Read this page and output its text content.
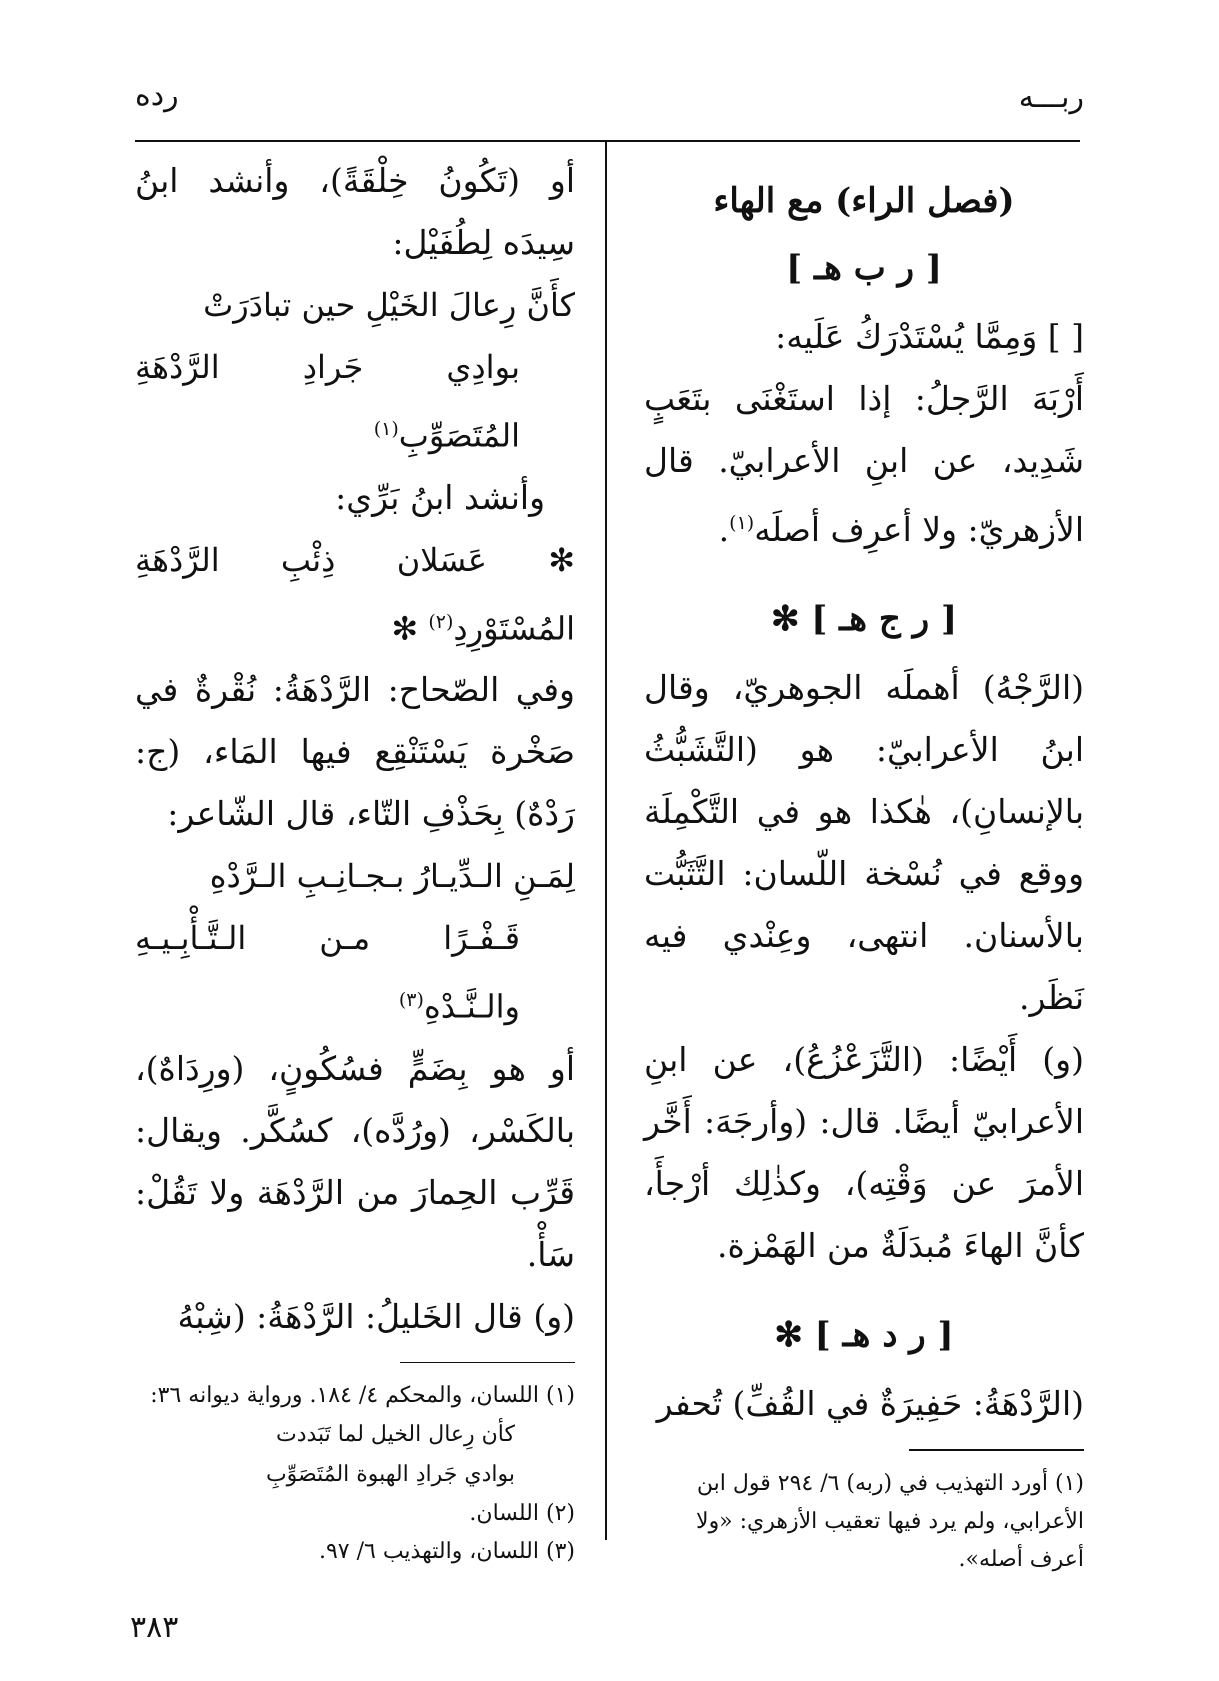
ربـــه
رده

(فصل الراء) مع الهاء

[ ر ب هـ ]

[ ] وَمِمَّا يُسْتَدْرَكُ عَلَيه:

أَرْبَهَ الرَّجلُ: إذا استَغْنَى بتَعَبٍ شَدِيد، عن ابنِ الأعرابيّ. قال الأزهريّ: ولا أعرِف أصلَه$^{(١)}$.

[ ر ج هـ ] ✻

(الرَّجْهُ) أهملَه الجوهريّ، وقال ابنُ الأعرابيّ: هو (التَّشَبُّثُ بالإنسانِ)، هٰكذا هو في التَّكْمِلَة ووقع في نُسْخة اللّسان: التَّثَبُّت بالأسنان. انتهى، وعِنْدي فيه نَظَر.

(و) أَيْضًا: (التَّزَعْزُعُ)، عن ابنِ الأعرابيّ أيضًا. قال: (وأرجَهَ: أَخَّر الأمرَ عن وَقْتِه)، وكذٰلِك أرْجأَ، كأنَّ الهاءَ مُبدَلَةٌ من الهَمْزة.

[ ر د هـ ] ✻

(الرَّدْهَةُ: حَفِيرَةٌ في القُفِّ) تُحفر

(١) أورد التهذيب في (ربه) ٦/ ٢٩٤ قول ابن الأعرابي، ولم يرد فيها تعقيب الأزهري: «ولا أعرف أصله».

أو (تَكُونُ خِلْقَةً)، وأنشد ابنُ سِيدَه لِطُفَيْل:

كأَنَّ رِعالَ الخَيْلِ حين تبادَرَتْ

بوادِي جَرادِ الرَّدْهَةِ المُتَصَوِّبِ$^{(١)}$

وأنشد ابنُ بَرِّي:

✻ عَسَلان ذِئْبِ الرَّدْهَةِ المُسْتَوْرِدِ$^{(٢)}$ ✻

وفي الصّحاح: الرَّدْهَةُ: نُقْرةٌ في صَخْرة يَسْتَنْقِع فيها المَاء، (ج: رَدْهٌ) بِحَذْفِ التّاء، قال الشّاعر:

لِمَـنِ الـدِّيـارُ بـجـانِـبِ الـرَّدْهِ

قَـفْـرًا مـن الـتَّـأْبِـيـهِ والـنَّـدْهِ$^{(٣)}$

أو هو بِضَمٍّ فسُكُونٍ، (ورِدَاهٌ)، بالكَسْر، (ورُدَّه)، كسُكَّر. ويقال: قَرِّب الحِمارَ من الرَّدْهَة ولا تَقُلْ: سَأْ.

(و) قال الخَليلُ: الرَّدْهَةُ: (شِبْهُ

(١) اللسان، والمحكم ٤/ ١٨٤. ورواية ديوانه ٣٦:

كأن رِعال الخيل لما تَبَددت

بوادي جَرادِ الهبوة المُتَصَوِّبِ

(٢) اللسان.

(٣) اللسان، والتهذيب ٦/ ٩٧.

٣٨٣
